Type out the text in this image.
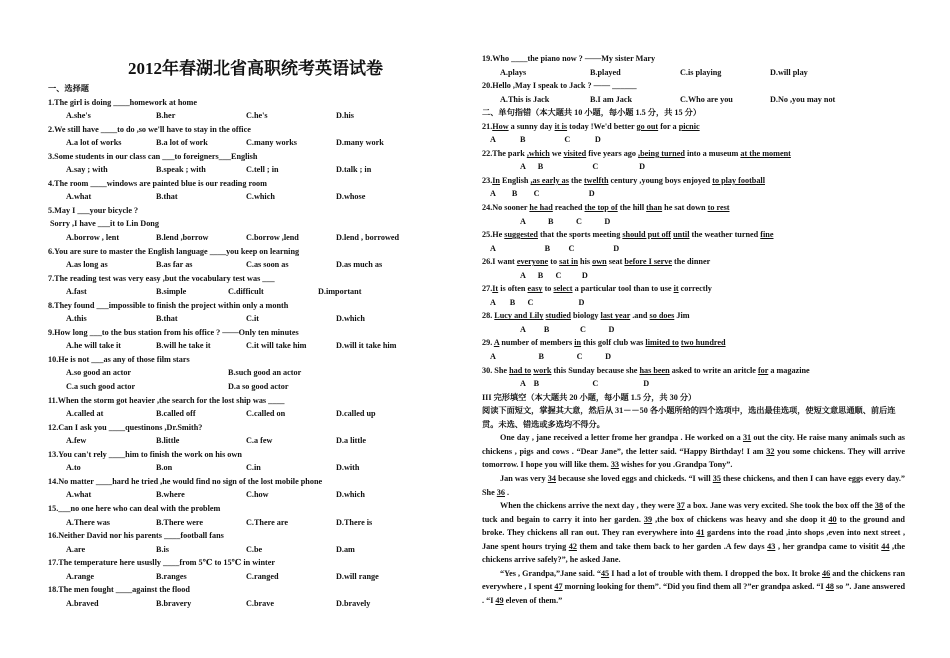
2012年春湖北省高职统考英语试卷
一、选择题
1.The girl is doing ____homework at home
A.she's	B.her	C.he's	D.his
2.We still have ____to do ,so we'll have to stay in the office
A.a lot of works	B.a lot of work	C.many works	D.many work
3.Some students in our class can ___to foreigners___English
A.say ; with	B.speak ; with	C.tell ; in	D.talk ; in
4.The room ____windows are painted blue is our reading room
A.what	B.that	C.which	D.whose
5.May I ___your bicycle ?
Sorry ,I have ___it to Lin Dong
A.borrow , lent	B.lend ,borrow	C.borrow ,lend	D.lend , borrowed
6.You are sure to master the English language ____you keep on learning
A.as long as	B.as far as	C.as soon as	D.as much as
7.The reading test was very easy ,but the vocabulary test was ___
A.fast	B.simple	C.difficult	D.important
8.They found ___impossible to finish the project within only a month
A.this	B.that	C.it	D.which
9.How long ___to the bus station from his office ? ——Only ten minutes
A.he will take it	B.will he take it	C.it will take him	D.will it take him
10.He is not ___as any of those film stars
A.so good an actor	B.such good an actor
C.a such good actor	D.a so good actor
11.When the storm got heavier ,the search for the lost ship was ____
A.called at	B.called off	C.called on	D.called up
12.Can I ask you ____questinons ,Dr.Smith?
A.few	B.little	C.a few	D.a little
13.You can't rely ____him to finish the work on his own
A.to	B.on	C.in	D.with
14.No matter ____hard he tried ,he would find no sign of the lost mobile phone
A.what	B.where	C.how	D.which
15.___no one here who can deal with the problem
A.There was	B.There were	C.There are	D.There is
16.Neither David nor his parents ____football fans
A.are	B.is	C.be	D.am
17.The temperature here ususlly ____from 5℃ to 15℃ in winter
A.range	B.ranges	C.ranged	D.will range
18.The men fought ____against the flood
A.braved	B.bravery	C.brave	D.bravely
19.Who ____the piano now ? ——My sister Mary
A.plays	B.played	C.is playing	D.will play
20.Hello ,May I speak to Jack ? —— ______
A.This is Jack	B.I am Jack	C.Who are you	D.No ,you may not
二、单句指错（本大题共 10 小题，每小题 1.5 分，共 15 分）
21.How a sunny day it is today !We'd better go out for a picnic
A            B                   C            D
22.The park ,which we visited five years ago ,being turned into a museum at the moment
A      B                        C                    D
23.In English ,as early as the twelfth century ,young boys enjoyed to play football
A        B        C                        D
24.No sooner he had reached the top of the hill than he sat down to rest
A           B           C           D
25.He suggested that the sports meeting should put off until the weather turned fine
A                        B         C                   D
26.I want everyone to sat in his own seat before I serve the dinner
A      B      C          D
27.It is often easy to select a particular tool than to use it correctly
A       B      C                      D
28. Lucy and Lily studied biology last year .and so does Jim
A         B               C           D
29. A number of members in this golf club was limited to two hundred
A                     B                C           D
30. She had to work this Sunday because she has been asked to write an aritcle for a magazine
A    B                          C                      D
III 完形填空（本大题共 20 小题，每小题 1.5 分，共 30 分）
阅读下面短文，掌握其大意，然后从 31－－50 各小题所给的四个选项中，选出最佳选项，使短文意思通顺、前后连贯。未选、错选或多选均不得分。
One day , jane received a letter frome her grandpa . He worked on a 31 out the city. He raise many animals such as chickens , pigs and cows . “Dear Jane”, the letter said. “Happy Birthday! I am 32 you some chickens. They will arrive tomorrow. I hope you will like them. 33 wishes for you .Grandpa Tony”.
Jan was very 34 because she loved eggs and chickeds. “I will 35 these chickens, and then I can have eggs every day.” She 36 .
When the chickens arrive the next day , they were 37 a box. Jane was very excited. She took the box off the 38 of the tuck and begain to carry it into her garden. 39 ,the box of chickens was heavy and she doop it 40 to the ground and broke. They chickens all ran out. They ran everywhere into 41 gardens into the road ,into shops ,even into next street , Jane spent hours trying 42 them and take them back to her garden .A few days 43 , her grandpa came to visitit 44 ,the chickens arrive safely?”, he asked Jane.
“Yes , Grandpa,”Jane said. “45 I had a lot of trouble with them. I dropped the box. It broke 46 and the chickens ran everywhere , I spent 47 morning looking for them”. “Did you find them all ?”er grandpa asked. “I 48 so ”. Jane answered . “I 49 eleven of them.”
